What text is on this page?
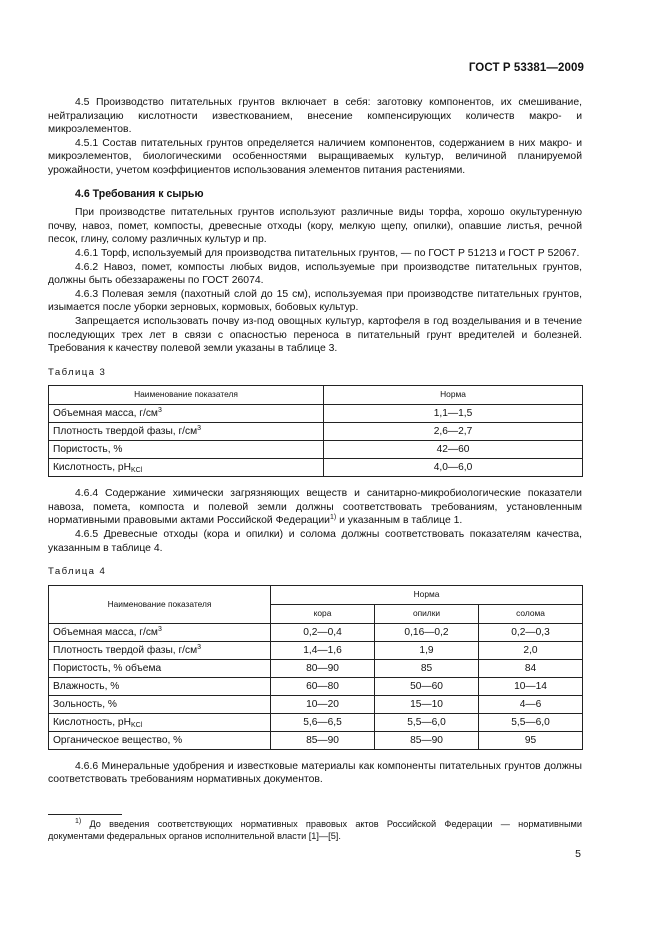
ГОСТ Р 53381—2009

4.5 Производство питательных грунтов включает в себя: заготовку компонентов, их смешивание, нейтрализацию кислотности известкованием, внесение компенсирующих количеств макро- и микроэлементов.

4.5.1 Состав питательных грунтов определяется наличием компонентов, содержанием в них макро- и микроэлементов, биологическими особенностями выращиваемых культур, величиной планируемой урожайности, учетом коэффициентов использования элементов питания растениями.

4.6 Требования к сырью

При производстве питательных грунтов используют различные виды торфа, хорошо окультуренную почву, навоз, помет, компосты, древесные отходы (кору, мелкую щепу, опилки), опавшие листья, речной песок, глину, солому различных культур и пр.

4.6.1 Торф, используемый для производства питательных грунтов, — по ГОСТ Р 51213 и ГОСТ Р 52067.

4.6.2 Навоз, помет, компосты любых видов, используемые при производстве питательных грунтов, должны быть обеззаражены по ГОСТ 26074.

4.6.3 Полевая земля (пахотный слой до 15 см), используемая при производстве питательных грунтов, изымается после уборки зерновых, кормовых, бобовых культур.

Запрещается использовать почву из-под овощных культур, картофеля в год возделывания и в течение последующих трех лет в связи с опасностью переноса в питательный грунт вредителей и болезней. Требования к качеству полевой земли указаны в таблице 3.

Таблица 3
Наименование показателя	Норма
Объемная масса, $г/см^3$	1,1—1,5
Плотность твердой фазы, $г/см^3$	2,6—2,7
Пористость, %	42—60
Кислотность, $pH_{KCl}$	4,0—6,0

4.6.4 Содержание химически загрязняющих веществ и санитарно-микробиологические показатели навоза, помета, компоста и полевой земли должны соответствовать требованиям, установленным нормативными правовыми актами Российской Федерации$^{1)}$ и указанным в таблице 1.

4.6.5 Древесные отходы (кора и опилки) и солома должны соответствовать показателям качества, указанным в таблице 4.

Таблица 4
Наименование показателя	Норма		
	кора	опилки	солома
Объемная масса, $г/см^3$	0,2—0,4	0,16—0,2	0,2—0,3
Плотность твердой фазы, $г/см^3$	1,4—1,6	1,9	2,0
Пористость, % объема	80—90	85	84
Влажность, %	60—80	50—60	10—14
Зольность, %	10—20	15—10	4—6
Кислотность, $pH_{KCl}$	5,6—6,5	5,5—6,0	5,5—6,0
Органическое вещество, %	85—90	85—90	95

4.6.6 Минеральные удобрения и известковые материалы как компоненты питательных грунтов должны соответствовать требованиям нормативных документов.

$^{1)}$ До введения соответствующих нормативных правовых актов Российской Федерации — нормативными документами федеральных органов исполнительной власти [1]—[5].
5
